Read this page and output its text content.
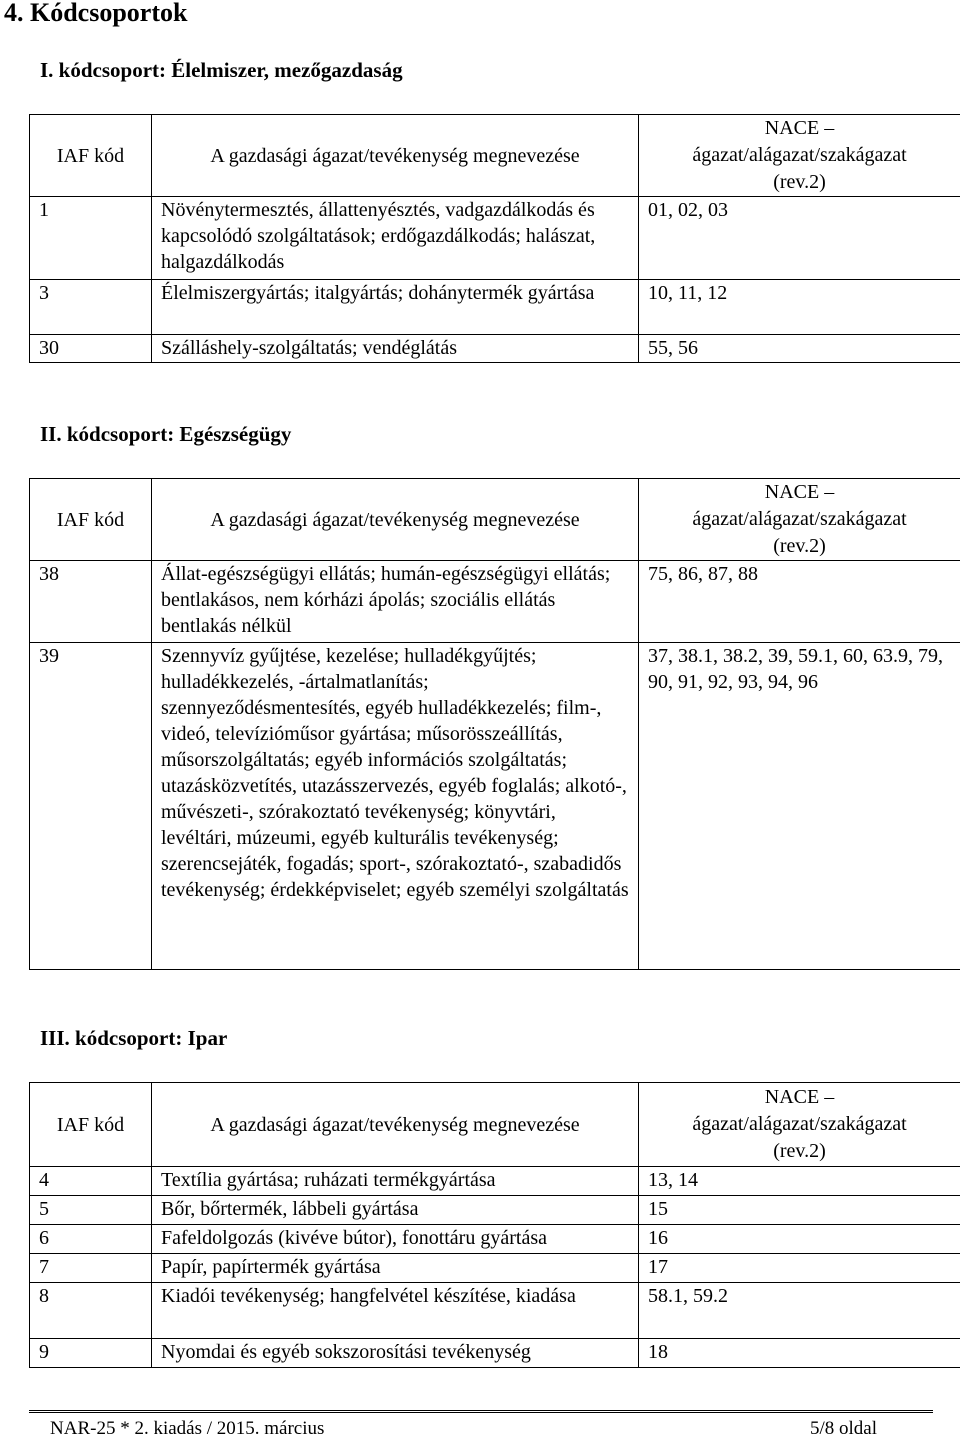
4. Kódcsoportok
I. kódcsoport: Élelmiszer, mezőgazdaság
IAF kód	A gazdasági ágazat/tevékenység megnevezése	NACE –
ágazat/alágazat/szakágazat
(rev.2)

1	Növénytermesztés, állattenyésztés, vadgazdálkodás és kapcsolódó szolgáltatások; erdőgazdálkodás; halászat, halgazdálkodás	01, 02, 03
3	Élelmiszergyártás; italgyártás; dohánytermék gyártása	10, 11, 12
30	Szálláshely-szolgáltatás; vendéglátás	55, 56
II. kódcsoport: Egészségügy
IAF kód	A gazdasági ágazat/tevékenység megnevezése	NACE –
ágazat/alágazat/szakágazat
(rev.2)

38	Állat-egészségügyi ellátás; humán-egészségügyi ellátás; bentlakásos, nem kórházi ápolás; szociális ellátás bentlakás nélkül	75, 86, 87, 88
39	Szennyvíz gyűjtése, kezelése; hulladékgyűjtés; hulladékkezelés, -ártalmatlanítás; szennyeződésmentesítés, egyéb hulladékkezelés; film-, videó, televízióműsor gyártása; műsorösszeállítás, műsorszolgáltatás; egyéb információs szolgáltatás; utazásközvetítés, utazásszervezés, egyéb foglalás; alkotó-, művészeti-, szórakoztató tevékenység; könyvtári, levéltári, múzeumi, egyéb kulturális tevékenység; szerencsejáték, fogadás; sport-, szórakoztató-, szabadidős tevékenység; érdekképviselet; egyéb személyi szolgáltatás	37, 38.1, 38.2, 39, 59.1, 60, 63.9, 79, 90, 91, 92, 93, 94, 96
III. kódcsoport: Ipar
IAF kód	A gazdasági ágazat/tevékenység megnevezése	NACE –
ágazat/alágazat/szakágazat
(rev.2)

4	Textília gyártása; ruházati termékgyártása	13, 14
5	Bőr, bőrtermék, lábbeli gyártása	15
6	Fafeldolgozás (kivéve bútor), fonottáru gyártása	16
7	Papír, papírtermék gyártása	17
8	Kiadói tevékenység; hangfelvétel készítése, kiadása	58.1, 59.2
9	Nyomdai és egyéb sokszorosítási tevékenység	18
NAR-25 * 2. kiadás / 2015. március	5/8 oldal
